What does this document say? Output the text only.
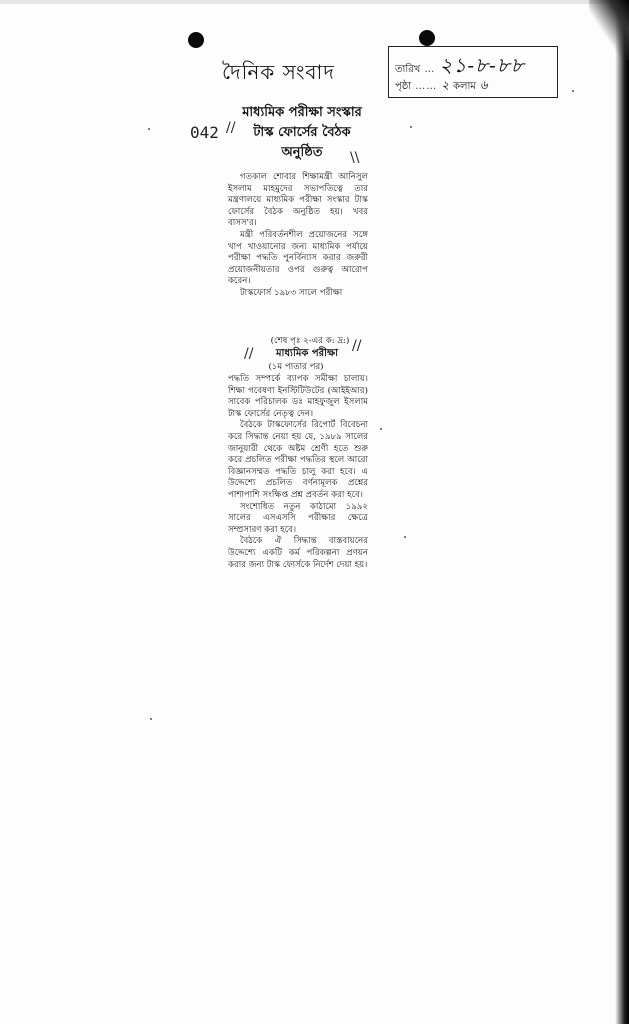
দৈনিক সংবাদ	তারিখ … ২১-৮-৮৮
পৃষ্ঠা …… ২ কলাম ৬
042
মাধ্যমিক পরীক্ষা সংস্কার
টাস্ক ফোর্সের বৈঠক
অনুষ্ঠিত
//
\\

গতকাল শোবার শিক্ষামন্ত্রী আনিসুল ইসলাম মাহমুদের সভাপতিত্বে তার মন্ত্রণালয়ে মাধ্যমিক পরীক্ষা সংস্কার টাস্ক ফোর্সের বৈঠক অনুষ্ঠিত হয়। খবর বাসস'র।

মন্ত্রী পরিবর্তনশীল প্রয়োজনের সঙ্গে খাপ খাওয়ানোর জন্য মাধ্যমিক পর্যায়ে পরীক্ষা পদ্ধতি পুনর্বিন্যাস করার জরুরী প্রয়োজনীয়তার ওপর গুরুত্ব আরোপ করেন।

টাস্কফোর্স ১৯৮৩ সালে পরীক্ষা

(শেষ পৃঃ ২-এর ক: দ্র:)
মাধ্যমিক পরীক্ষা
(১ম পাতার পর)
//	//

পদ্ধতি সম্পর্কে ব্যাপক সমীক্ষা চালায়। শিক্ষা গবেষণা ইনস্টিটিউটের (আইইআর) সাবেক পরিচালক ডঃ মাহফুজুল ইসলাম টাস্ক ফোর্সের নেতৃত্ব দেন।

বৈঠকে টাস্কফোর্সের রিপোর্ট বিবেচনা করে সিদ্ধান্ত নেয়া হয় যে, ১৯৮৯ সালের জানুয়ারী থেকে অষ্টম শ্রেণী হতে শুরু করে প্রচলিত পরীক্ষা পদ্ধতির স্থলে আরো বিজ্ঞানসম্মত পদ্ধতি চালু করা হবে। এ উদ্দেশ্যে প্রচলিত বর্ণনামূলক প্রশ্নের পাশাপাশি সংক্ষিপ্ত প্রশ্ন প্রবর্তন করা হবে।

সংশোধিত নতুন কাঠামো ১৯৯২ সালের এসএসসি পরীক্ষার ক্ষেত্রে সম্প্রসারণ করা হবে।

বৈঠকে ঐ সিদ্ধান্ত বাস্তবায়নের উদ্দেশ্যে একটি কর্ম পরিকল্পনা প্রণয়ন করার জন্য টাস্ক ফোর্সকে নির্দেশ দেয়া হয়।
